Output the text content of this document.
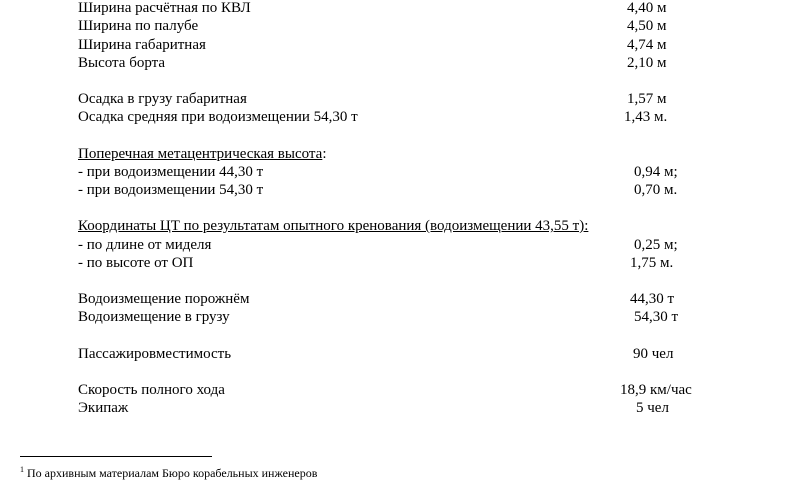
Ширина расчётная по КВЛ	4,40 м
Ширина по палубе	4,50 м
Ширина габаритная	4,74 м
Высота борта	2,10 м
Осадка в грузу габаритная	1,57 м
Осадка средняя при водоизмещении 54,30 т	1,43 м.
Поперечная метацентрическая высота:
- при водоизмещении 44,30 т	0,94 м;
- при водоизмещении 54,30 т	0,70 м.
Координаты ЦТ по результатам опытного кренования (водоизмещении 43,55 т):
- по длине от миделя	0,25 м;
- по высоте от ОП	1,75 м.
Водоизмещение порожнём	44,30 т
Водоизмещение в грузу	54,30 т
Пассажировместимость	90 чел
Скорость полного хода	18,9 км/час
Экипаж	5 чел
$^1$ По архивным материалам Бюро корабельных инженеров
